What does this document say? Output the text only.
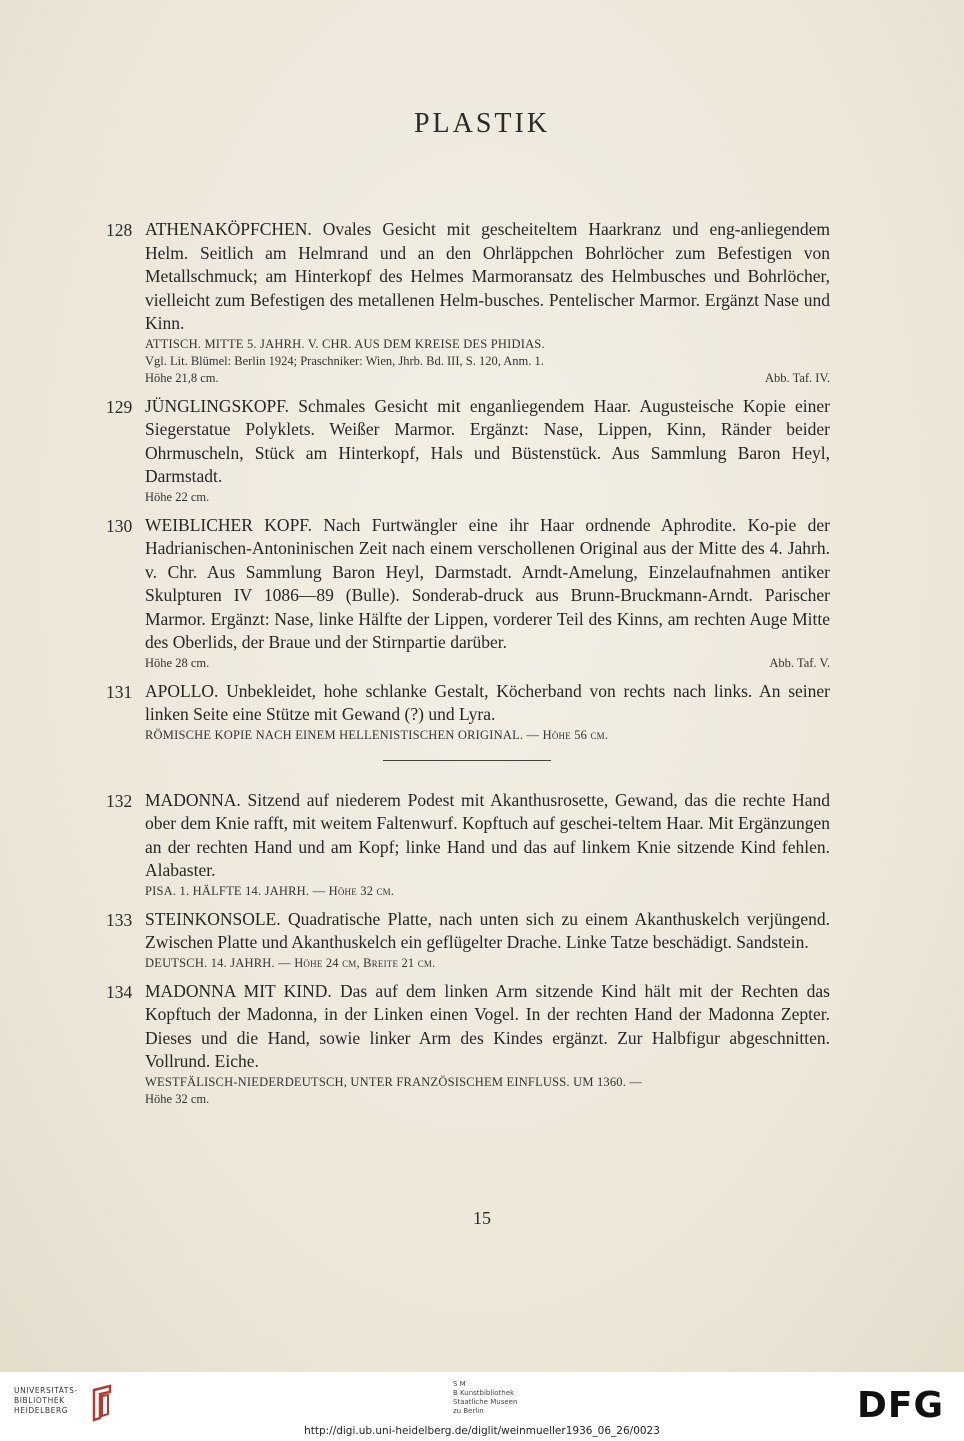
PLASTIK
128 ATHENAKÖPFCHEN. Ovales Gesicht mit gescheiteltem Haarkranz und eng-anliegendem Helm. Seitlich am Helmrand und an den Ohrläppchen Bohrlöcher zum Befestigen von Metallschmuck; am Hinterkopf des Helmes Marmoransatz des Helmbusches und Bohrlöcher, vielleicht zum Befestigen des metallenen Helm-busches. Pentelischer Marmor. Ergänzt Nase und Kinn.
ATTISCH. MITTE 5. JAHRH. V. CHR. AUS DEM KREISE DES PHIDIAS.
Vgl. Lit. Blümel: Berlin 1924; Praschniker: Wien, Jhrb. Bd. III, S. 120, Anm. 1.
Höhe 21,8 cm.	Abb. Taf. IV.
129 JÜNGLINGSKOPF. Schmales Gesicht mit enganliegendem Haar. Augusteische Kopie einer Siegerstatue Polyklets. Weißer Marmor. Ergänzt: Nase, Lippen, Kinn, Ränder beider Ohrmuscheln, Stück am Hinterkopf, Hals und Büstenstück. Aus Sammlung Baron Heyl, Darmstadt.
Höhe 22 cm.
130 WEIBLICHER KOPF. Nach Furtwängler eine ihr Haar ordnende Aphrodite. Ko-pie der Hadrianischen-Antoninischen Zeit nach einem verschollenen Original aus der Mitte des 4. Jahrh. v. Chr. Aus Sammlung Baron Heyl, Darmstadt. Arndt-Amelung, Einzelaufnahmen antiker Skulpturen IV 1086—89 (Bulle). Sonderab-druck aus Brunn-Bruckmann-Arndt. Parischer Marmor. Ergänzt: Nase, linke Hälfte der Lippen, vorderer Teil des Kinns, am rechten Auge Mitte des Oberlids, der Braue und der Stirnpartie darüber.
Höhe 28 cm.	Abb. Taf. V.
131 APOLLO. Unbekleidet, hohe schlanke Gestalt, Köcherband von rechts nach links. An seiner linken Seite eine Stütze mit Gewand (?) und Lyra.
RÖMISCHE KOPIE NACH EINEM HELLENISTISCHEN ORIGINAL. — Höhe 56 cm.
132 MADONNA. Sitzend auf niederem Podest mit Akanthusrosette, Gewand, das die rechte Hand ober dem Knie rafft, mit weitem Faltenwurf. Kopftuch auf geschei-teltem Haar. Mit Ergänzungen an der rechten Hand und am Kopf; linke Hand und das auf linkem Knie sitzende Kind fehlen. Alabaster.
PISA. 1. HÄLFTE 14. JAHRH. — Höhe 32 cm.
133 STEINKONSOLE. Quadratische Platte, nach unten sich zu einem Akanthuskelch verjüngend. Zwischen Platte und Akanthuskelch ein geflügelter Drache. Linke Tatze beschädigt. Sandstein.
DEUTSCH. 14. JAHRH. — Höhe 24 cm, Breite 21 cm.
134 MADONNA MIT KIND. Das auf dem linken Arm sitzende Kind hält mit der Rechten das Kopftuch der Madonna, in der Linken einen Vogel. In der rechten Hand der Madonna Zepter. Dieses und die Hand, sowie linker Arm des Kindes ergänzt. Zur Halbfigur abgeschnitten. Vollrund. Eiche.
WESTFÄLISCH-NIEDERDEUTSCH, UNTER FRANZÖSISCHEM EINFLUSS. UM 1360. —
Höhe 32 cm.
15
UNIVERSITÄTS-
BIBLIOTHEK
HEIDELBERG
S M
B Kunstbibliothek
Staatliche Museen
zu Berlin	DFG
http://digi.ub.uni-heidelberg.de/diglit/weinmueller1936_06_26/0023
